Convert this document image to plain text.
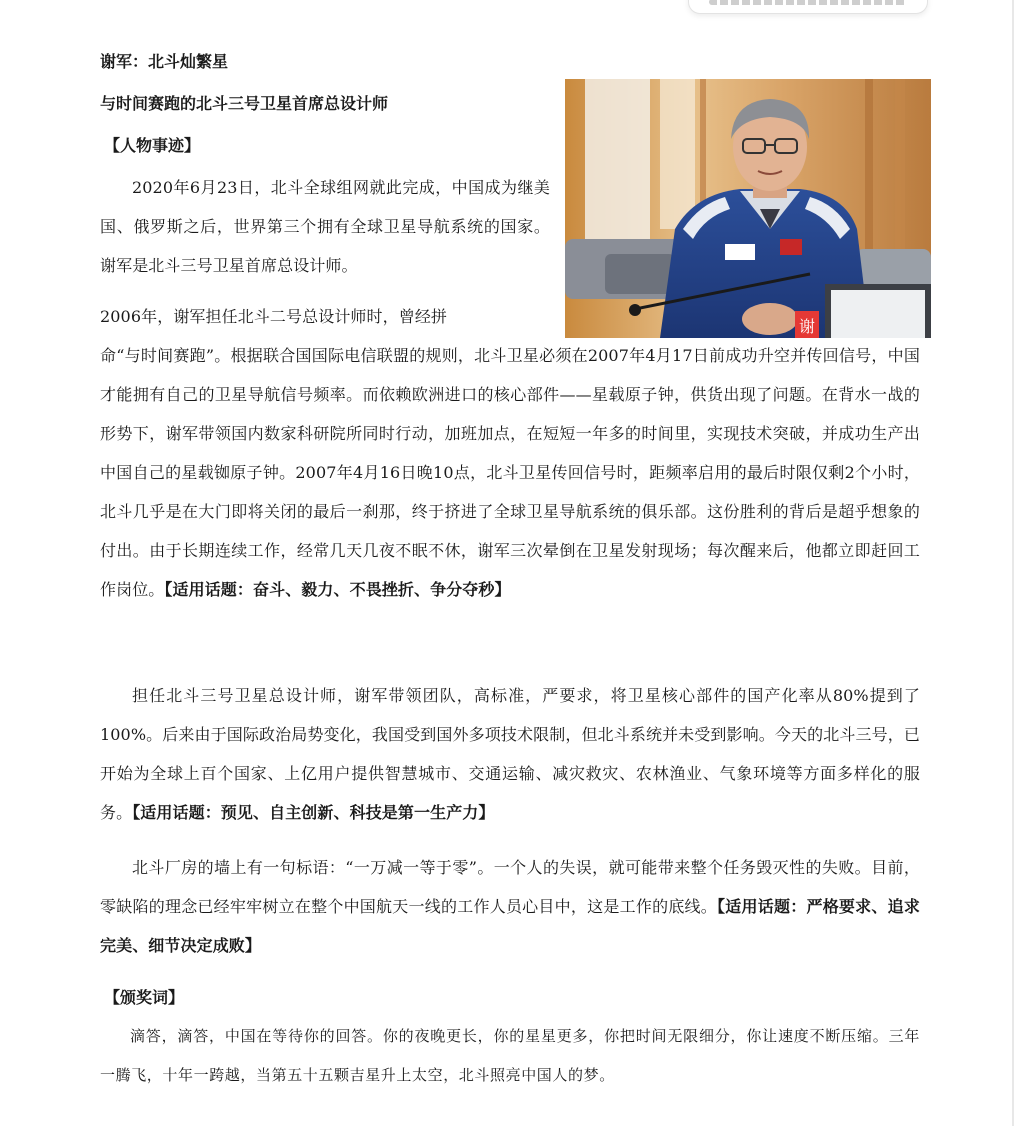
谢军：北斗灿繁星
与时间赛跑的北斗三号卫星首席总设计师
【人物事迹】
谢

2020年6月23日，北斗全球组网就此完成，中国成为继美国、俄罗斯之后，世界第三个拥有全球卫星导航系统的国家。谢军是北斗三号卫星首席总设计师。

2006年，谢军担任北斗二号总设计师时，曾经拼

命“与时间赛跑”。根据联合国国际电信联盟的规则，北斗卫星必须在2007年4月17日前成功升空并传回信号，中国才能拥有自己的卫星导航信号频率。而依赖欧洲进口的核心部件——星载原子钟，供货出现了问题。在背水一战的形势下，谢军带领国内数家科研院所同时行动，加班加点，在短短一年多的时间里，实现技术突破，并成功生产出中国自己的星载铷原子钟。2007年4月16日晚10点，北斗卫星传回信号时，距频率启用的最后时限仅剩2个小时，北斗几乎是在大门即将关闭的最后一刹那，终于挤进了全球卫星导航系统的俱乐部。这份胜利的背后是超乎想象的付出。由于长期连续工作，经常几天几夜不眠不休，谢军三次晕倒在卫星发射现场；每次醒来后，他都立即赶回工作岗位。【适用话题：奋斗、毅力、不畏挫折、争分夺秒】

担任北斗三号卫星总设计师，谢军带领团队，高标准，严要求，将卫星核心部件的国产化率从80%提到了100%。后来由于国际政治局势变化，我国受到国外多项技术限制，但北斗系统并未受到影响。今天的北斗三号，已开始为全球上百个国家、上亿用户提供智慧城市、交通运输、减灾救灾、农林渔业、气象环境等方面多样化的服务。【适用话题：预见、自主创新、科技是第一生产力】

北斗厂房的墙上有一句标语：“一万减一等于零”。一个人的失误，就可能带来整个任务毁灭性的失败。目前，零缺陷的理念已经牢牢树立在整个中国航天一线的工作人员心目中，这是工作的底线。【适用话题：严格要求、追求完美、细节决定成败】

【颁奖词】

滴答，滴答，中国在等待你的回答。你的夜晚更长，你的星星更多，你把时间无限细分，你让速度不断压缩。三年一腾飞，十年一跨越，当第五十五颗吉星升上太空，北斗照亮中国人的梦。
